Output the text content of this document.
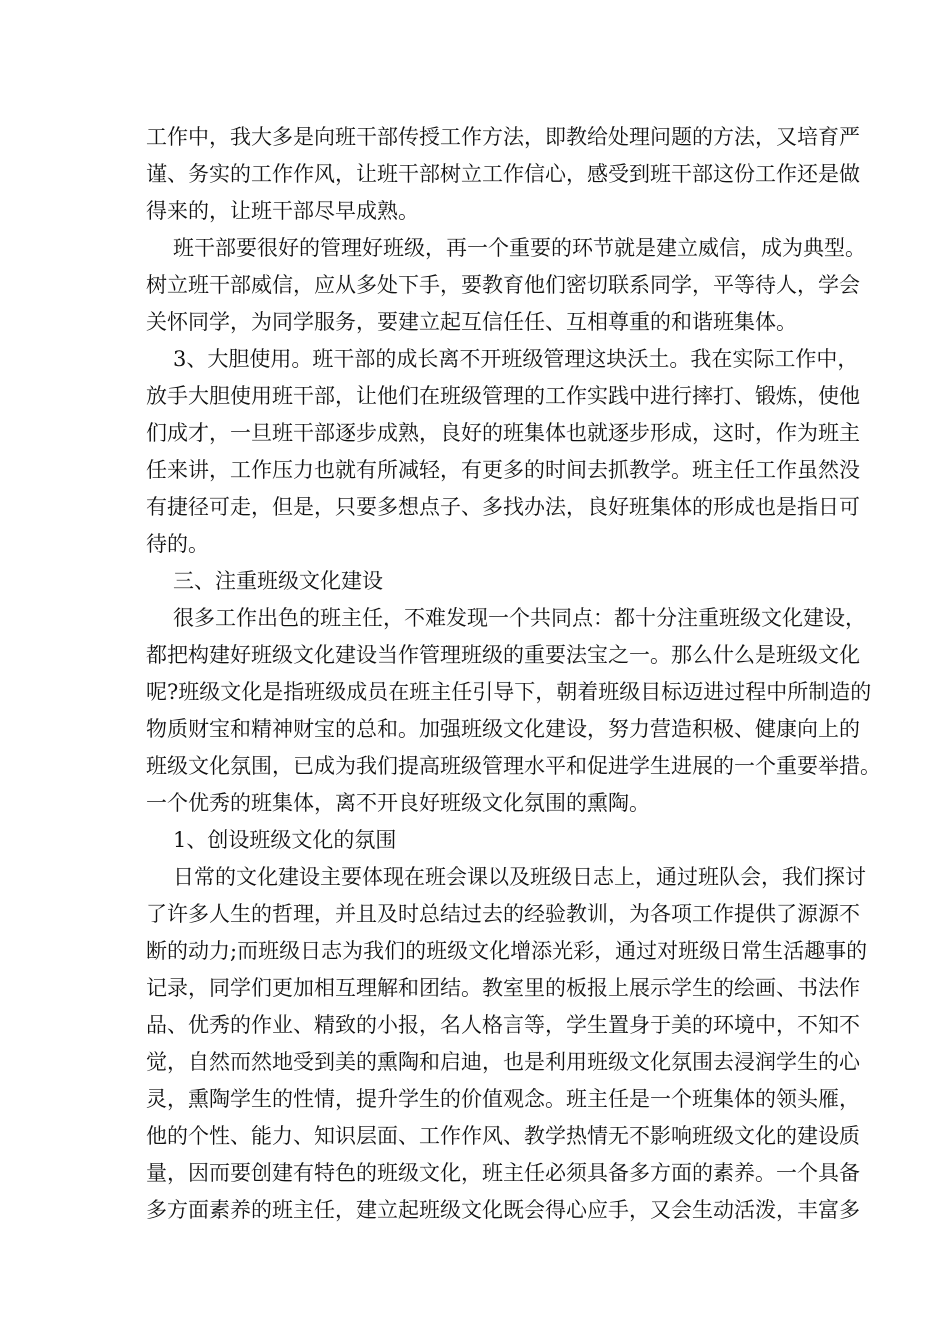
工作中，我大多是向班干部传授工作方法，即教给处理问题的方法，又培育严
谨、务实的工作作风，让班干部树立工作信心，感受到班干部这份工作还是做
得来的，让班干部尽早成熟。
班干部要很好的管理好班级，再一个重要的环节就是建立威信，成为典型。
树立班干部威信，应从多处下手，要教育他们密切联系同学，平等待人，学会
关怀同学，为同学服务，要建立起互信任任、互相尊重的和谐班集体。
3、大胆使用。班干部的成长离不开班级管理这块沃土。我在实际工作中，
放手大胆使用班干部，让他们在班级管理的工作实践中进行摔打、锻炼，使他
们成才，一旦班干部逐步成熟，良好的班集体也就逐步形成，这时，作为班主
任来讲，工作压力也就有所减轻，有更多的时间去抓教学。班主任工作虽然没
有捷径可走，但是，只要多想点子、多找办法，良好班集体的形成也是指日可
待的。
三、注重班级文化建设
很多工作出色的班主任，不难发现一个共同点：都十分注重班级文化建设，
都把构建好班级文化建设当作管理班级的重要法宝之一。那么什么是班级文化
呢?班级文化是指班级成员在班主任引导下，朝着班级目标迈进过程中所制造的
物质财宝和精神财宝的总和。加强班级文化建设，努力营造积极、健康向上的
班级文化氛围，已成为我们提高班级管理水平和促进学生进展的一个重要举措。
一个优秀的班集体，离不开良好班级文化氛围的熏陶。
1、创设班级文化的氛围
日常的文化建设主要体现在班会课以及班级日志上，通过班队会，我们探讨
了许多人生的哲理，并且及时总结过去的经验教训，为各项工作提供了源源不
断的动力;而班级日志为我们的班级文化增添光彩，通过对班级日常生活趣事的
记录，同学们更加相互理解和团结。教室里的板报上展示学生的绘画、书法作
品、优秀的作业、精致的小报，名人格言等，学生置身于美的环境中，不知不
觉，自然而然地受到美的熏陶和启迪，也是利用班级文化氛围去浸润学生的心
灵，熏陶学生的性情，提升学生的价值观念。班主任是一个班集体的领头雁，
他的个性、能力、知识层面、工作作风、教学热情无不影响班级文化的建设质
量，因而要创建有特色的班级文化，班主任必须具备多方面的素养。一个具备
多方面素养的班主任，建立起班级文化既会得心应手，又会生动活泼，丰富多
